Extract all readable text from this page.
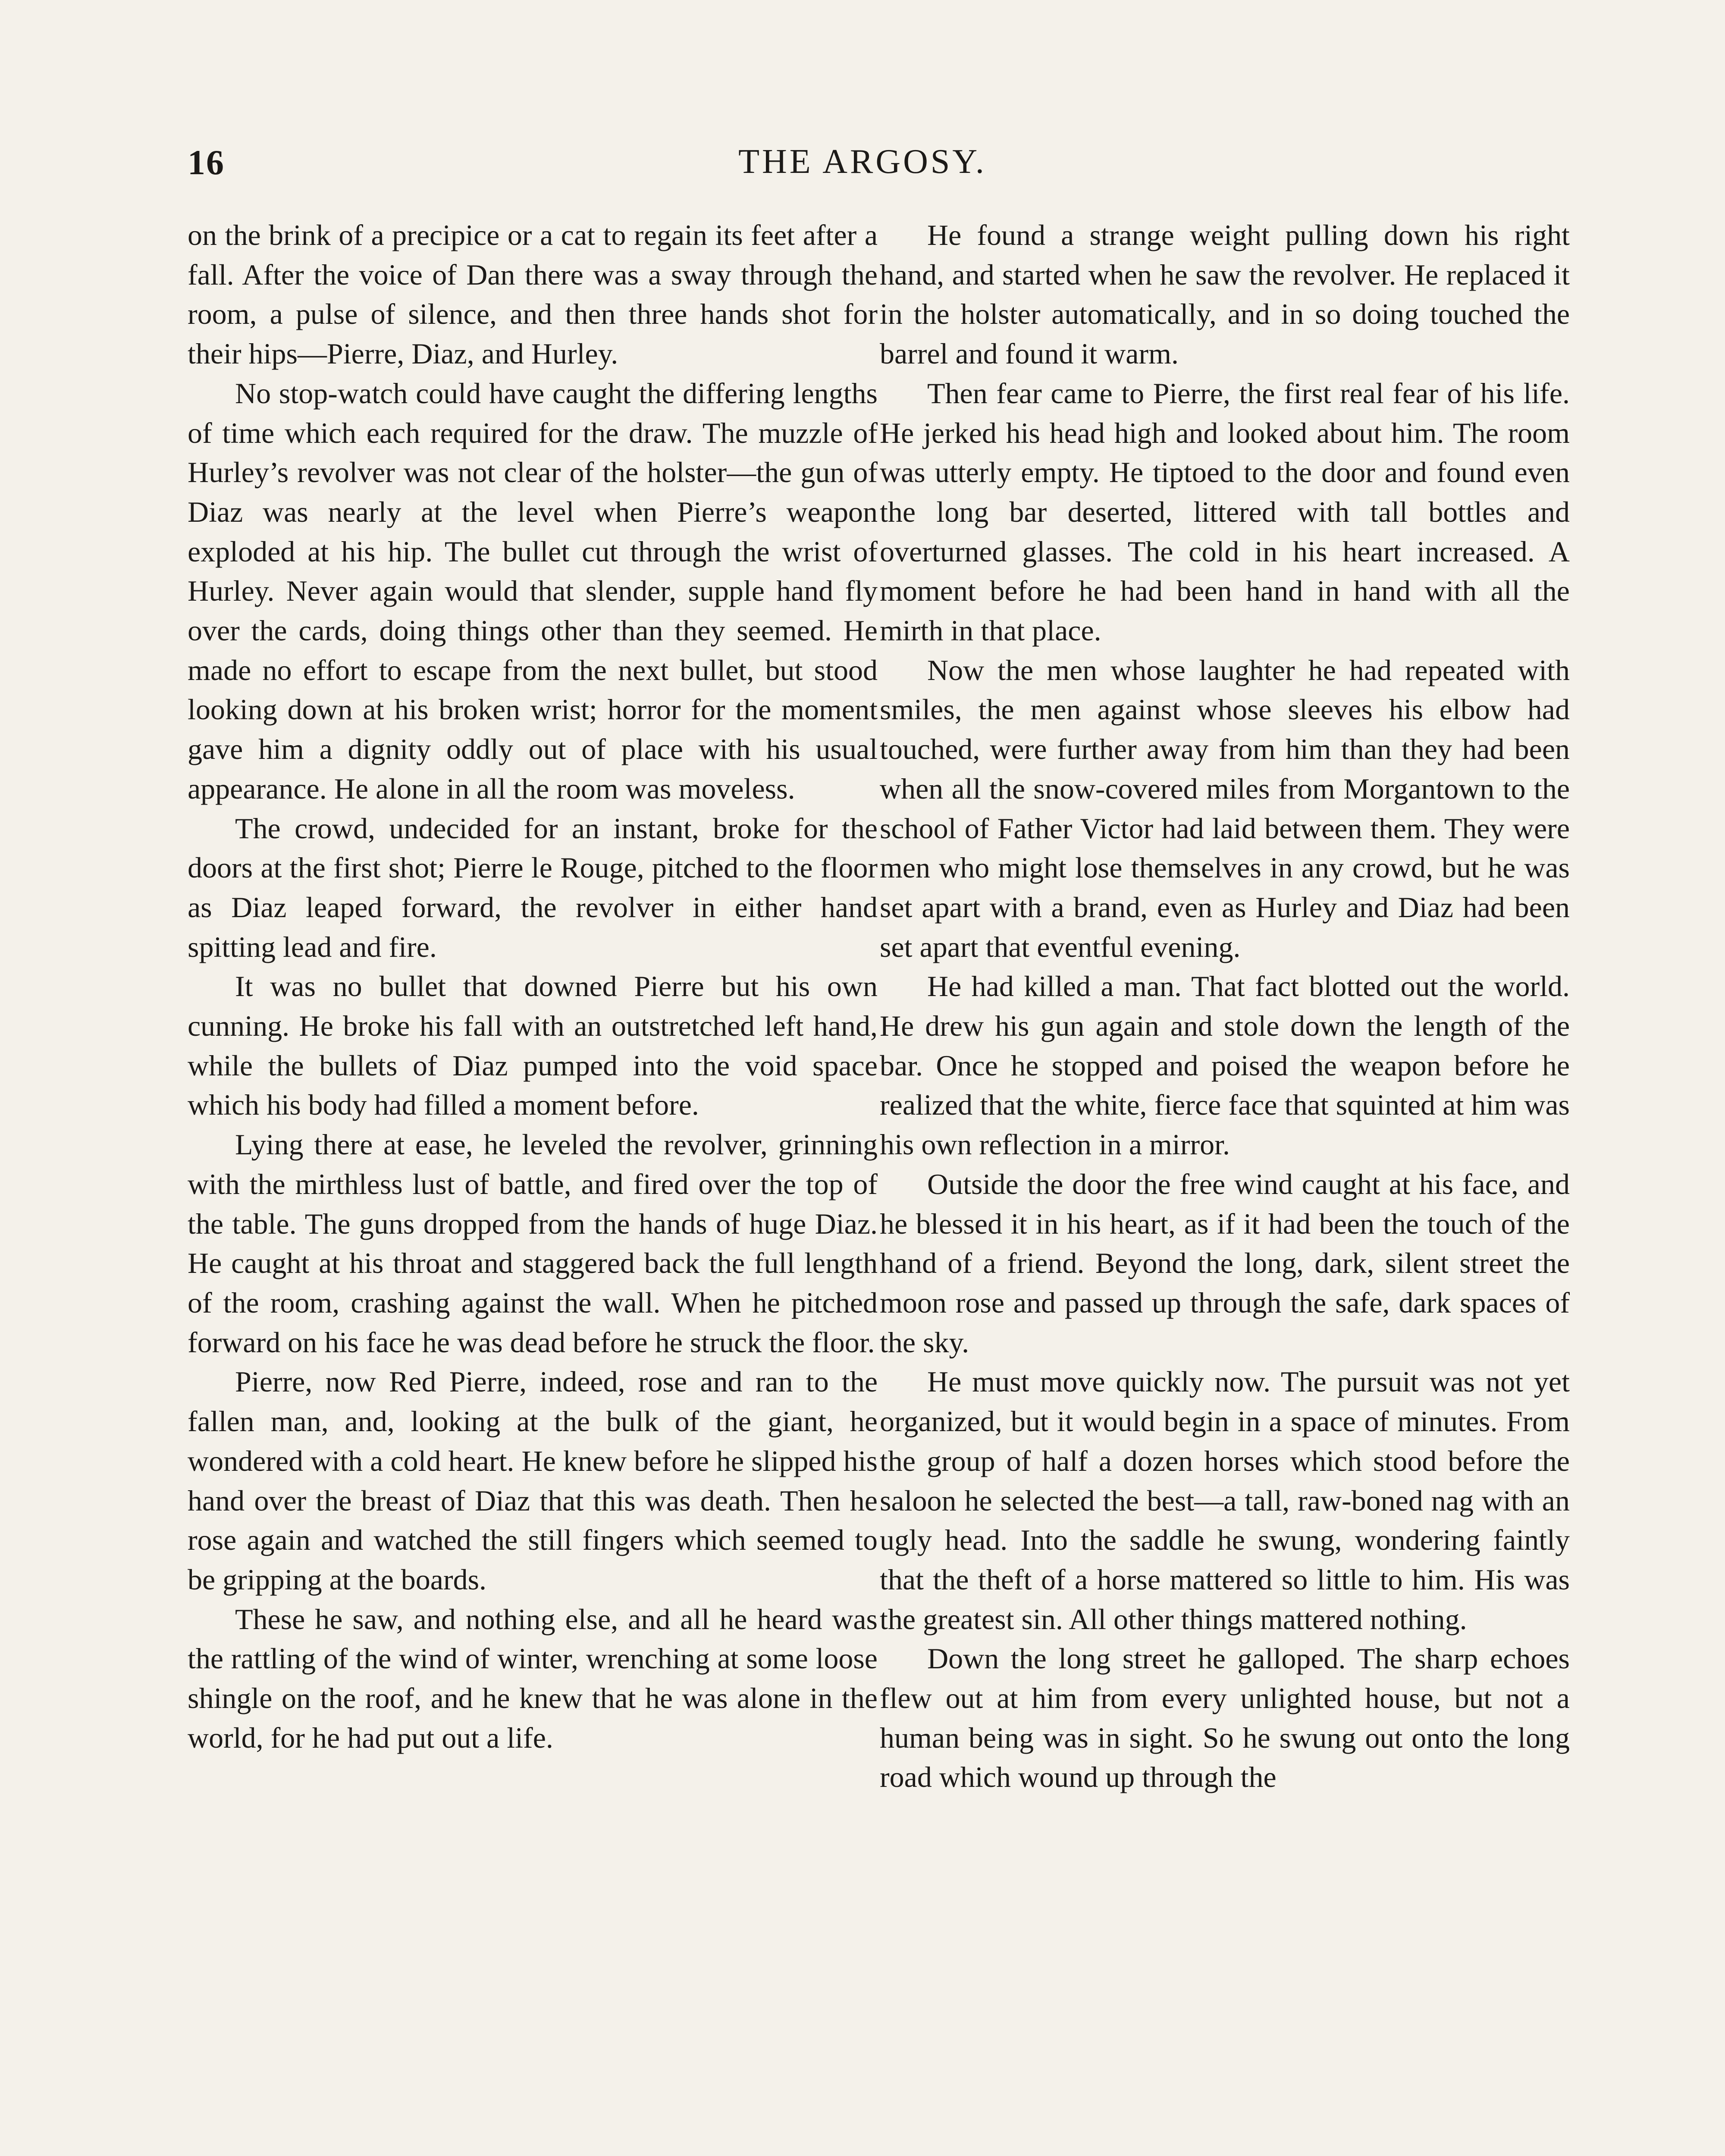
16	THE ARGOSY.

on the brink of a precipice or a cat to regain its feet after a fall. After the voice of Dan there was a sway through the room, a pulse of silence, and then three hands shot for their hips—Pierre, Diaz, and Hurley.

No stop-watch could have caught the differing lengths of time which each required for the draw. The muzzle of Hurley’s revolver was not clear of the holster—the gun of Diaz was nearly at the level when Pierre’s weapon exploded at his hip. The bullet cut through the wrist of Hurley. Never again would that slender, supple hand fly over the cards, doing things other than they seemed. He made no effort to escape from the next bullet, but stood looking down at his broken wrist; horror for the moment gave him a dignity oddly out of place with his usual appearance. He alone in all the room was moveless.

The crowd, undecided for an instant, broke for the doors at the first shot; Pierre le Rouge, pitched to the floor as Diaz leaped forward, the revolver in either hand spitting lead and fire.

It was no bullet that downed Pierre but his own cunning. He broke his fall with an outstretched left hand, while the bullets of Diaz pumped into the void space which his body had filled a moment before.

Lying there at ease, he leveled the revolver, grinning with the mirthless lust of battle, and fired over the top of the table. The guns dropped from the hands of huge Diaz. He caught at his throat and staggered back the full length of the room, crashing against the wall. When he pitched forward on his face he was dead before he struck the floor.

Pierre, now Red Pierre, indeed, rose and ran to the fallen man, and, looking at the bulk of the giant, he wondered with a cold heart. He knew before he slipped his hand over the breast of Diaz that this was death. Then he rose again and watched the still fingers which seemed to be gripping at the boards.

These he saw, and nothing else, and all he heard was the rattling of the wind of winter, wrenching at some loose shingle on the roof, and he knew that he was alone in the world, for he had put out a life.

He found a strange weight pulling down his right hand, and started when he saw the revolver. He replaced it in the holster automatically, and in so doing touched the barrel and found it warm.

Then fear came to Pierre, the first real fear of his life. He jerked his head high and looked about him. The room was utterly empty. He tiptoed to the door and found even the long bar deserted, littered with tall bottles and overturned glasses. The cold in his heart increased. A moment before he had been hand in hand with all the mirth in that place.

Now the men whose laughter he had repeated with smiles, the men against whose sleeves his elbow had touched, were further away from him than they had been when all the snow-covered miles from Morgantown to the school of Father Victor had laid between them. They were men who might lose themselves in any crowd, but he was set apart with a brand, even as Hurley and Diaz had been set apart that eventful evening.

He had killed a man. That fact blotted out the world. He drew his gun again and stole down the length of the bar. Once he stopped and poised the weapon before he realized that the white, fierce face that squinted at him was his own reflection in a mirror.

Outside the door the free wind caught at his face, and he blessed it in his heart, as if it had been the touch of the hand of a friend. Beyond the long, dark, silent street the moon rose and passed up through the safe, dark spaces of the sky.

He must move quickly now. The pursuit was not yet organized, but it would begin in a space of minutes. From the group of half a dozen horses which stood before the saloon he selected the best—a tall, raw-boned nag with an ugly head. Into the saddle he swung, wondering faintly that the theft of a horse mattered so little to him. His was the greatest sin. All other things mattered nothing.

Down the long street he galloped. The sharp echoes flew out at him from every unlighted house, but not a human being was in sight. So he swung out onto the long road which wound up through the
